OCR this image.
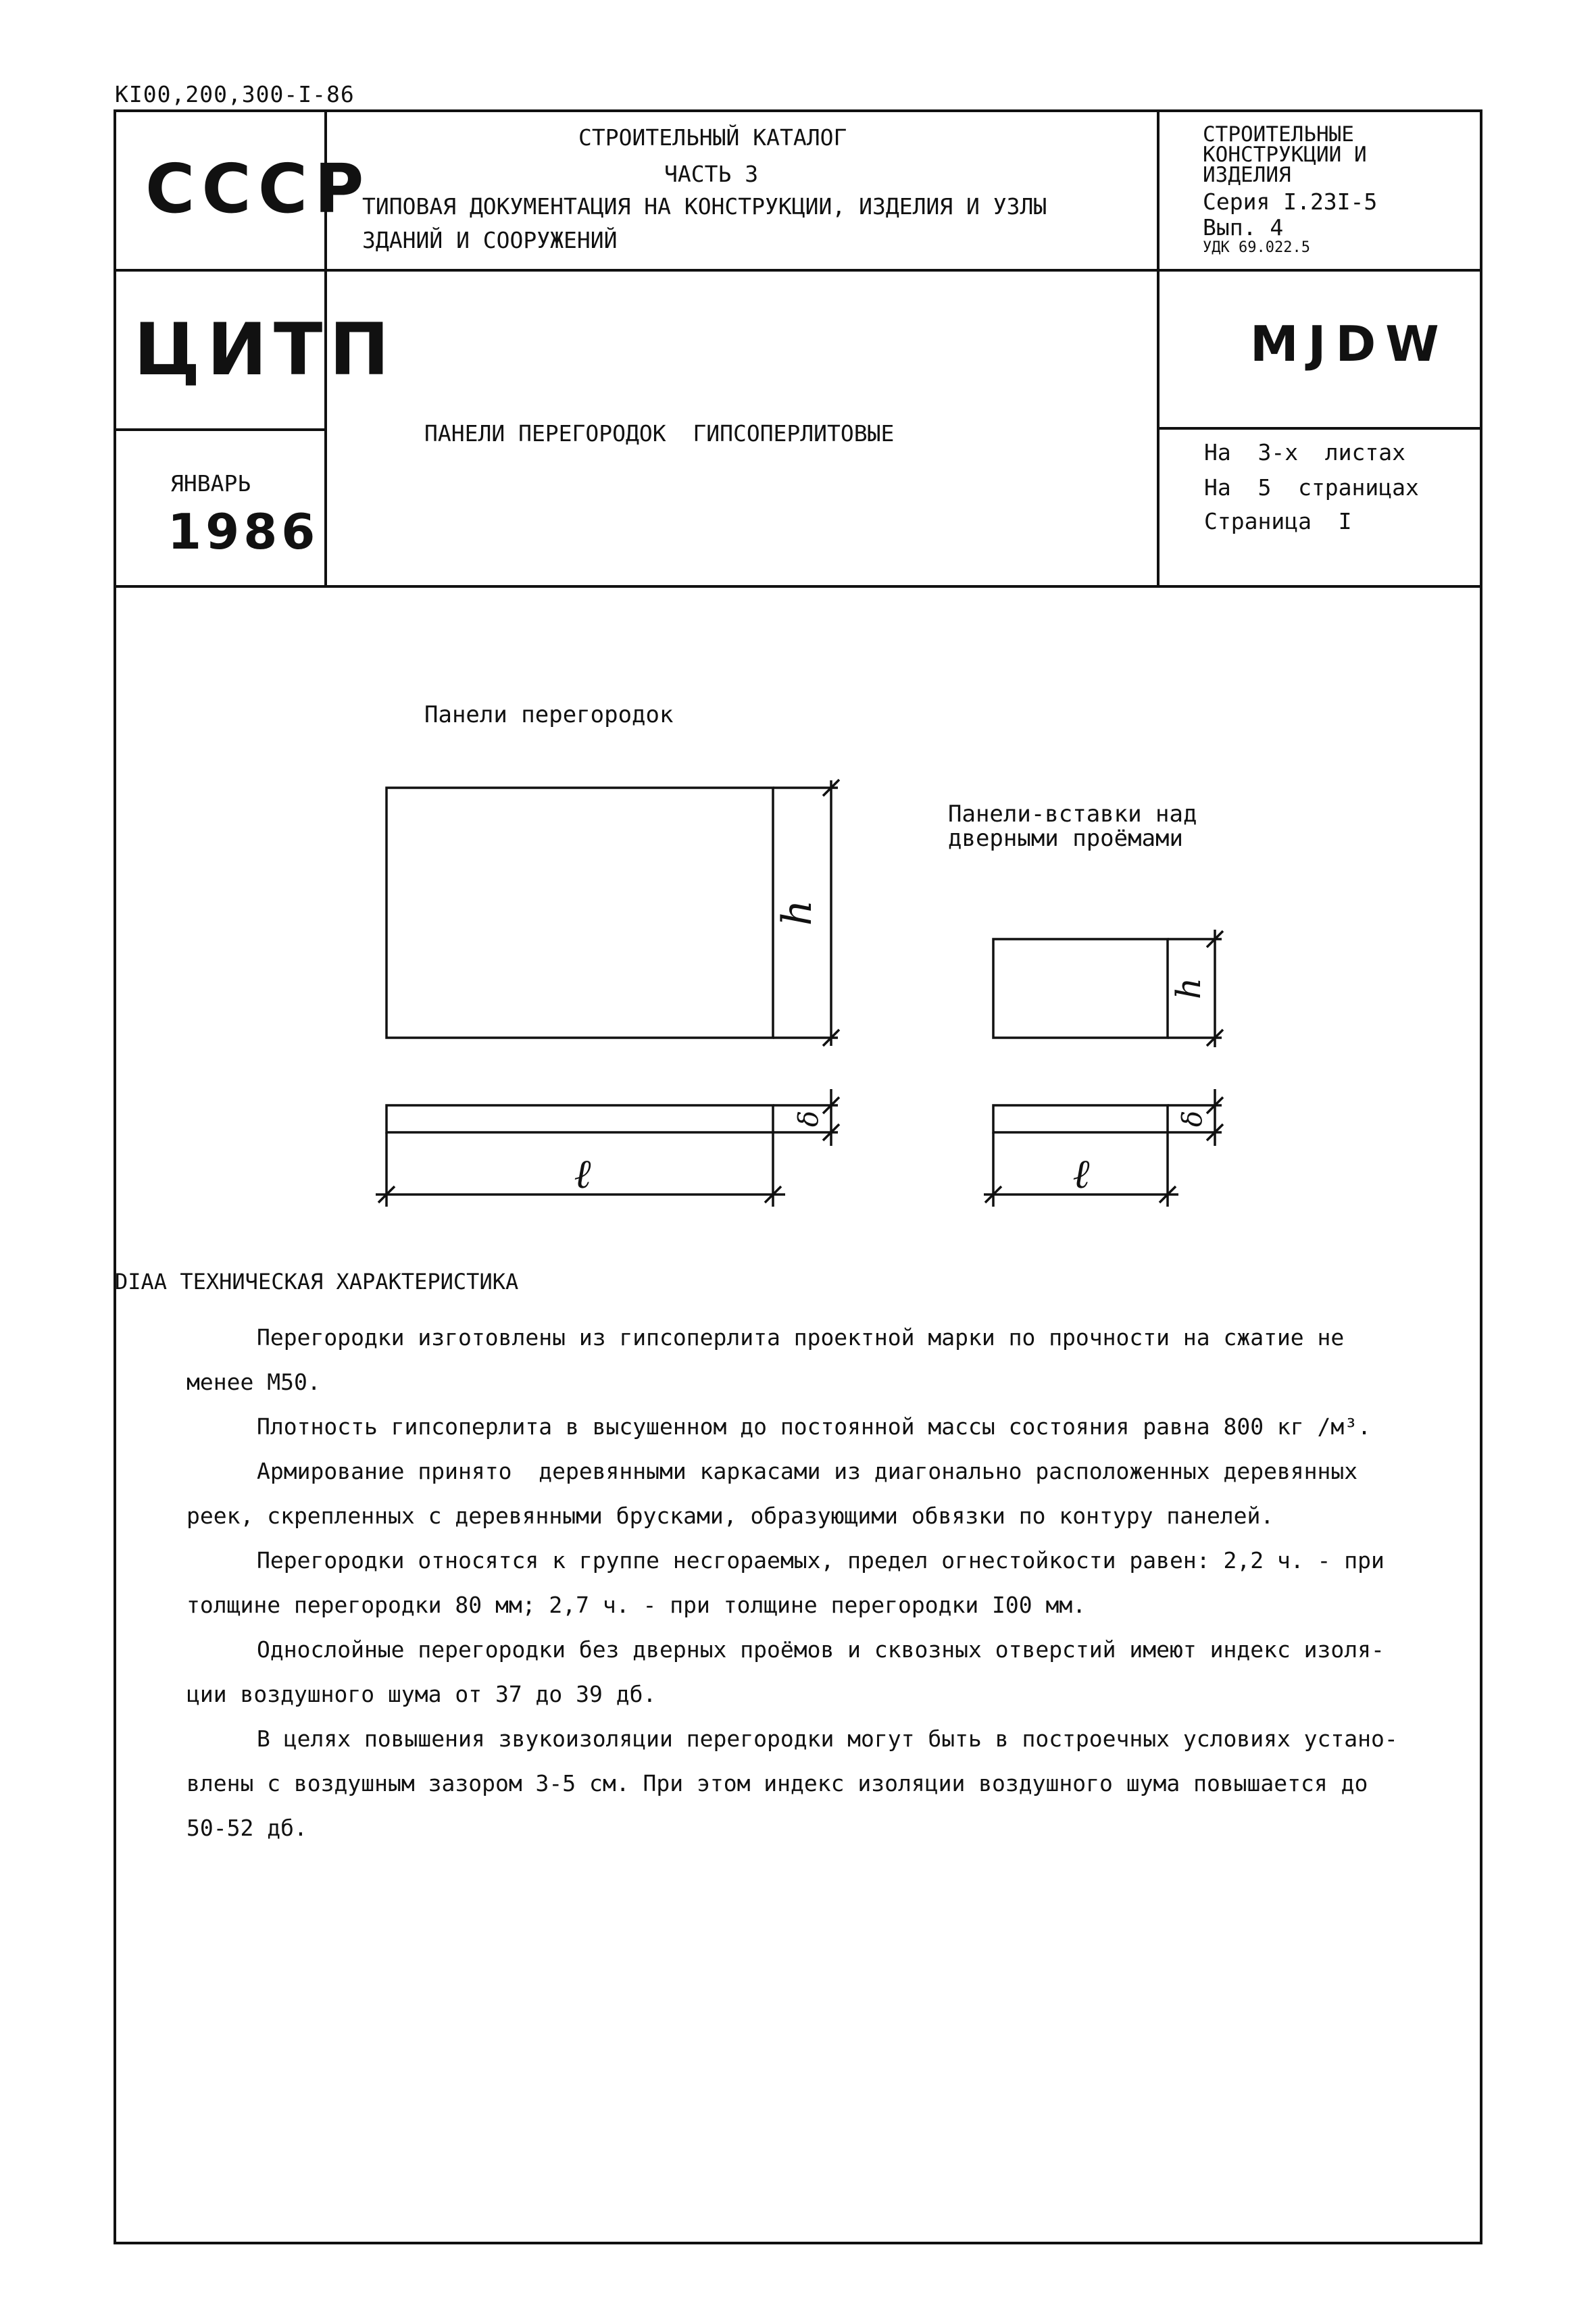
КI00,200,300-I-86
СССР
ЦИТП
ЯНВАРЬ
1986
СТРОИТЕЛЬНЫЙ КАТАЛОГ
ЧАСТЬ 3
ТИПОВАЯ ДОКУМЕНТАЦИЯ НА КОНСТРУКЦИИ, ИЗДЕЛИЯ И УЗЛЫ
ЗДАНИЙ И СООРУЖЕНИЙ
ПАНЕЛИ ПЕРЕГОРОДОК  ГИПСОПЕРЛИТОВЫЕ
СТРОИТЕЛЬНЫЕ
КОНСТРУКЦИИ И
ИЗДЕЛИЯ
Серия I.23I-5
Вып. 4
УДК 69.022.5
MJDW
На  3-х  листах
На  5  страницах
Страница  I
Панели перегородок
Панели-вставки над
дверными проёмами
h
h
δ	δ
ℓ	ℓ
DIAA ТЕХНИЧЕСКАЯ ХАРАКТЕРИСТИКА
Перегородки изготовлены из гипсоперлита проектной марки по прочности на сжатие не
менее М50.
Плотность гипсоперлита в высушенном до постоянной массы состояния равна 800 кг /м³.
Армирование принято  деревянными каркасами из диагонально расположенных деревянных
реек, скрепленных с деревянными брусками, образующими обвязки по контуру панелей.
Перегородки относятся к группе несгораемых, предел огнестойкости равен: 2,2 ч. - при
толщине перегородки 80 мм; 2,7 ч. - при толщине перегородки I00 мм.
Однослойные перегородки без дверных проёмов и сквозных отверстий имеют индекс изоля-
ции воздушного шума от 37 до 39 дб.
В целях повышения звукоизоляции перегородки могут быть в построечных условиях устано-
влены с воздушным зазором 3-5 см. При этом индекс изоляции воздушного шума повышается до
50-52 дб.
